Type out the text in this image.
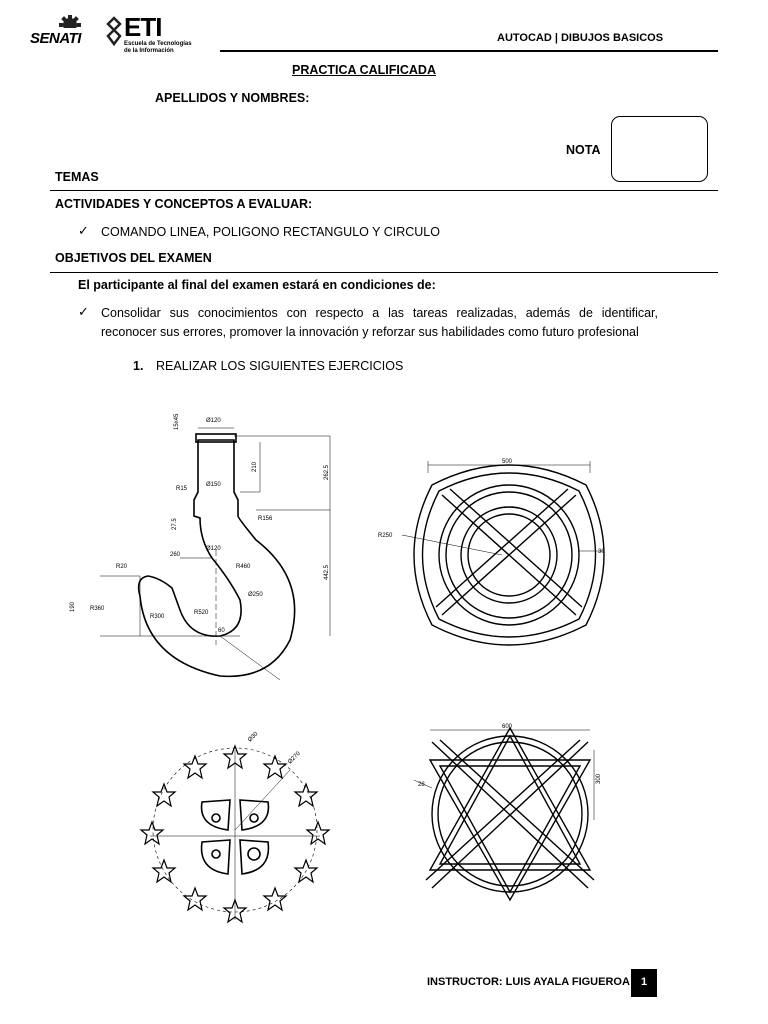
SENATI ETI
Escuela de Tecnologías
de la Información
AUTOCAD | DIBUJOS BASICOS
PRACTICA CALIFICADA
APELLIDOS Y NOMBRES:
NOTA
TEMAS
ACTIVIDADES Y CONCEPTOS A EVALUAR:
✓ COMANDO LINEA, POLIGONO RECTANGULO Y CIRCULO
OBJETIVOS DEL EXAMEN
El participante al final del examen estará en condiciones de:
✓ Consolidar sus conocimientos con respecto a las tareas realizadas, además de identificar,
reconocer sus errores, promover la innovación y reforzar sus habilidades como futuro profesional
1. REALIZAR LOS SIGUIENTES EJERCICIOS
Ø120
15x45
210	262.5
Ø150
R15
R156
Ø120
27.5
260
R460
R20
R360
R300
Ø250
R520
190
60
442.5
500
R250
30
Ø30
Ø270
600
300
28
INSTRUCTOR: LUIS AYALA FIGUEROA 1
